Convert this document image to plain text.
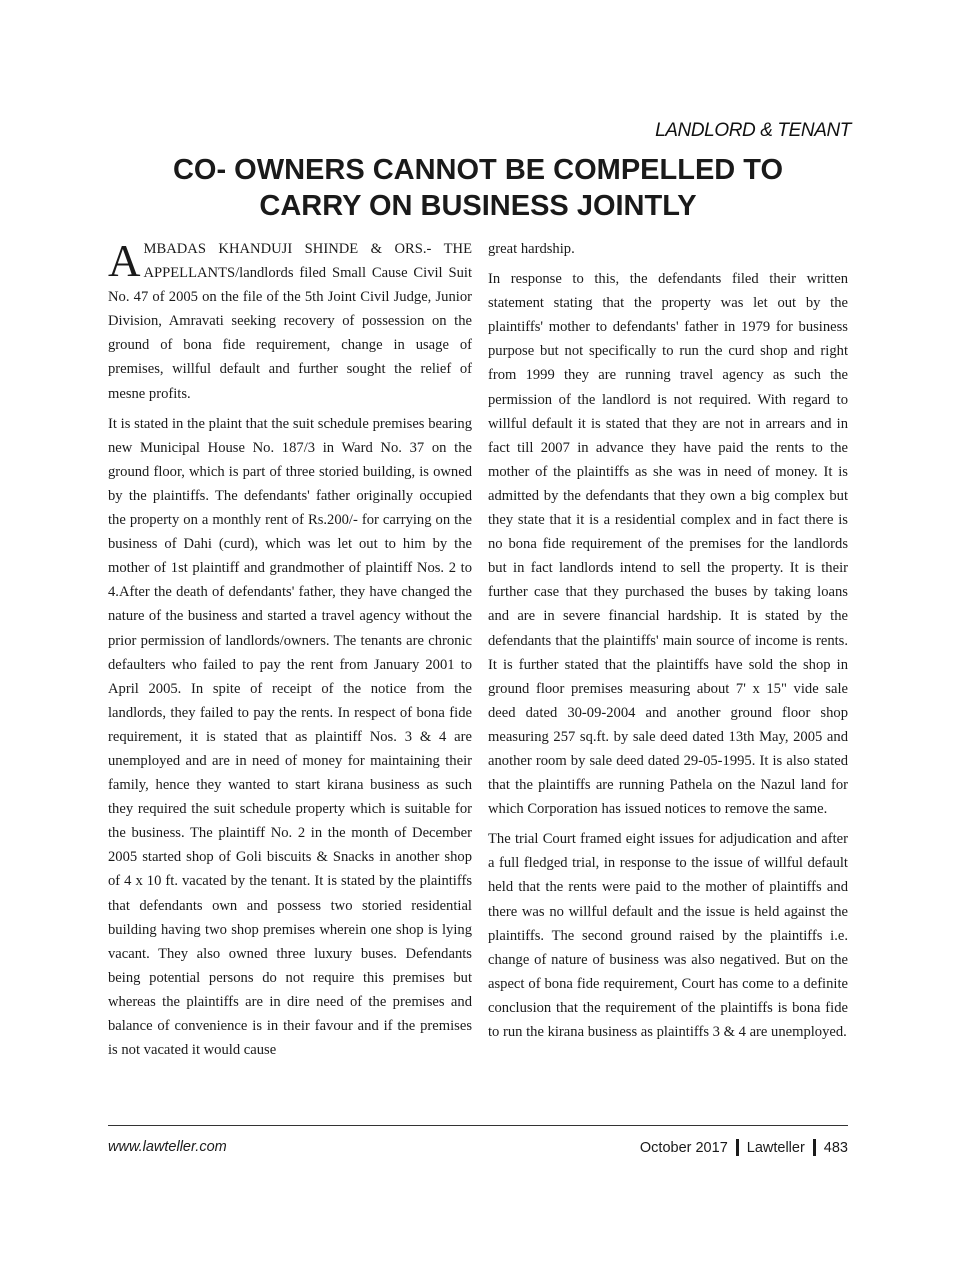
LANDLORD & TENANT
CO- OWNERS CANNOT BE COMPELLED TO
CARRY ON BUSINESS JOINTLY

AMBADAS KHANDUJI SHINDE & ORS.- THE APPELLANTS/landlords filed Small Cause Civil Suit No. 47 of 2005 on the file of the 5th Joint Civil Judge, Junior Division, Amravati seeking recovery of possession on the ground of bona fide requirement, change in usage of premises, willful default and further sought the relief of mesne profits.

It is stated in the plaint that the suit schedule premises bearing new Municipal House No. 187/3 in Ward No. 37 on the ground floor, which is part of three storied building, is owned by the plaintiffs. The defendants' father originally occupied the property on a monthly rent of Rs.200/- for carrying on the business of Dahi (curd), which was let out to him by the mother of 1st plaintiff and grandmother of plaintiff Nos. 2 to 4.After the death of defendants' father, they have changed the nature of the business and started a travel agency without the prior permission of landlords/owners. The tenants are chronic defaulters who failed to pay the rent from January 2001 to April 2005. In spite of receipt of the notice from the landlords, they failed to pay the rents. In respect of bona fide requirement, it is stated that as plaintiff Nos. 3 & 4 are unemployed and are in need of money for maintaining their family, hence they wanted to start kirana business as such they required the suit schedule property which is suitable for the business. The plaintiff No. 2 in the month of December 2005 started shop of Goli biscuits & Snacks in another shop of 4 x 10 ft. vacated by the tenant. It is stated by the plaintiffs that defendants own and possess two storied residential building having two shop premises wherein one shop is lying vacant. They also owned three luxury buses. Defendants being potential persons do not require this premises but whereas the plaintiffs are in dire need of the premises and balance of convenience is in their favour and if the premises is not vacated it would cause

great hardship.

In response to this, the defendants filed their written statement stating that the property was let out by the plaintiffs' mother to defendants' father in 1979 for business purpose but not specifically to run the curd shop and right from 1999 they are running travel agency as such the permission of the landlord is not required. With regard to willful default it is stated that they are not in arrears and in fact till 2007 in advance they have paid the rents to the mother of the plaintiffs as she was in need of money. It is admitted by the defendants that they own a big complex but they state that it is a residential complex and in fact there is no bona fide requirement of the premises for the landlords but in fact landlords intend to sell the property. It is their further case that they purchased the buses by taking loans and are in severe financial hardship. It is stated by the defendants that the plaintiffs' main source of income is rents. It is further stated that the plaintiffs have sold the shop in ground floor premises measuring about 7' x 15" vide sale deed dated 30-09-2004 and another ground floor shop measuring 257 sq.ft. by sale deed dated 13th May, 2005 and another room by sale deed dated 29-05-1995. It is also stated that the plaintiffs are running Pathela on the Nazul land for which Corporation has issued notices to remove the same.

The trial Court framed eight issues for adjudication and after a full fledged trial, in response to the issue of willful default held that the rents were paid to the mother of plaintiffs and there was no willful default and the issue is held against the plaintiffs. The second ground raised by the plaintiffs i.e. change of nature of business was also negatived. But on the aspect of bona fide requirement, Court has come to a definite conclusion that the requirement of the plaintiffs is bona fide to run the kirana business as plaintiffs 3 & 4 are unemployed.

www.lawteller.com	October 2017 Lawteller 483
